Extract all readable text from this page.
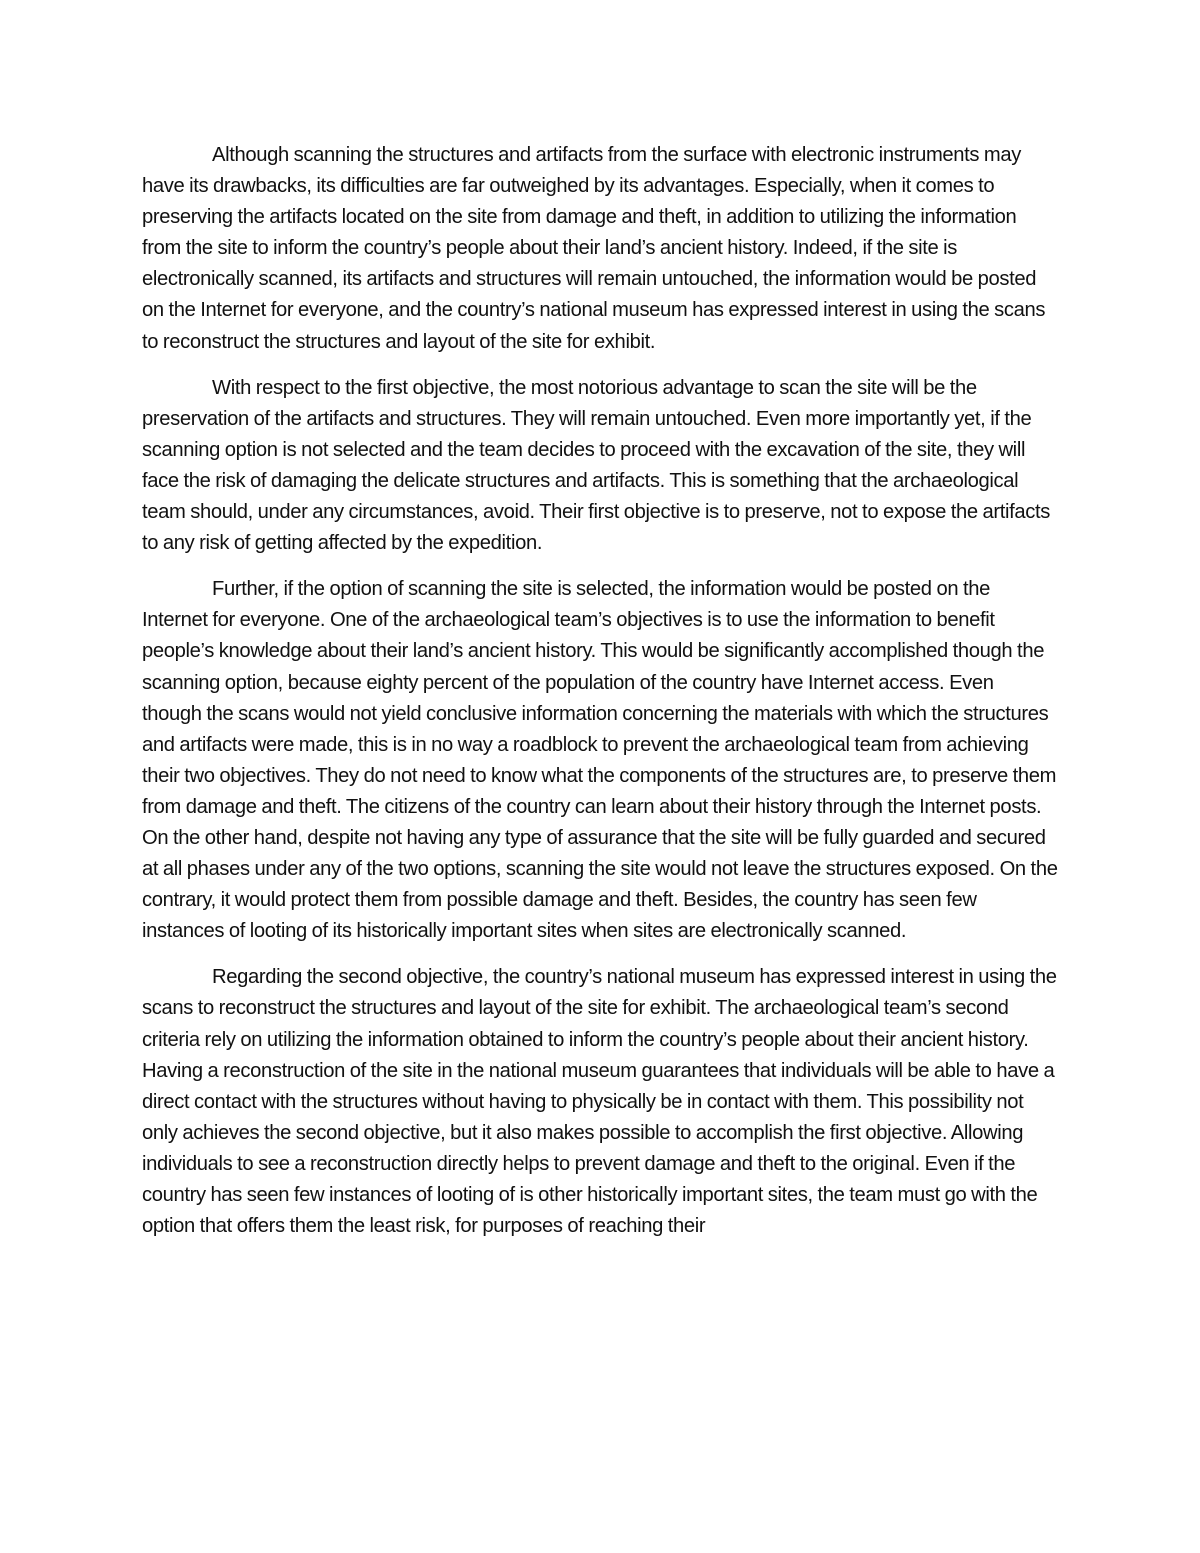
Although scanning the structures and artifacts from the surface with electronic instruments may have its drawbacks, its difficulties are far outweighed by its advantages. Especially, when it comes to preserving the artifacts located on the site from damage and theft, in addition to utilizing the information from the site to inform the country’s people about their land’s ancient history. Indeed, if the site is electronically scanned, its artifacts and structures will remain untouched, the information would be posted on the Internet for everyone, and the country’s national museum has expressed interest in using the scans to reconstruct the structures and layout of the site for exhibit.

With respect to the first objective, the most notorious advantage to scan the site will be the preservation of the artifacts and structures. They will remain untouched. Even more importantly yet, if the scanning option is not selected and the team decides to proceed with the excavation of the site, they will face the risk of damaging the delicate structures and artifacts. This is something that the archaeological team should, under any circumstances, avoid. Their first objective is to preserve, not to expose the artifacts to any risk of getting affected by the expedition.

Further, if the option of scanning the site is selected, the information would be posted on the Internet for everyone. One of the archaeological team’s objectives is to use the information to benefit people’s knowledge about their land’s ancient history. This would be significantly accomplished though the scanning option, because eighty percent of the population of the country have Internet access. Even though the scans would not yield conclusive information concerning the materials with which the structures and artifacts were made, this is in no way a roadblock to prevent the archaeological team from achieving their two objectives. They do not need to know what the components of the structures are, to preserve them from damage and theft. The citizens of the country can learn about their history through the Internet posts. On the other hand, despite not having any type of assurance that the site will be fully guarded and secured at all phases under any of the two options, scanning the site would not leave the structures exposed. On the contrary, it would protect them from possible damage and theft. Besides, the country has seen few instances of looting of its historically important sites when sites are electronically scanned.

Regarding the second objective, the country’s national museum has expressed interest in using the scans to reconstruct the structures and layout of the site for exhibit. The archaeological team’s second criteria rely on utilizing the information obtained to inform the country’s people about their ancient history. Having a reconstruction of the site in the national museum guarantees that individuals will be able to have a direct contact with the structures without having to physically be in contact with them. This possibility not only achieves the second objective, but it also makes possible to accomplish the first objective. Allowing individuals to see a reconstruction directly helps to prevent damage and theft to the original. Even if the country has seen few instances of looting of is other historically important sites, the team must go with the option that offers them the least risk, for purposes of reaching their
